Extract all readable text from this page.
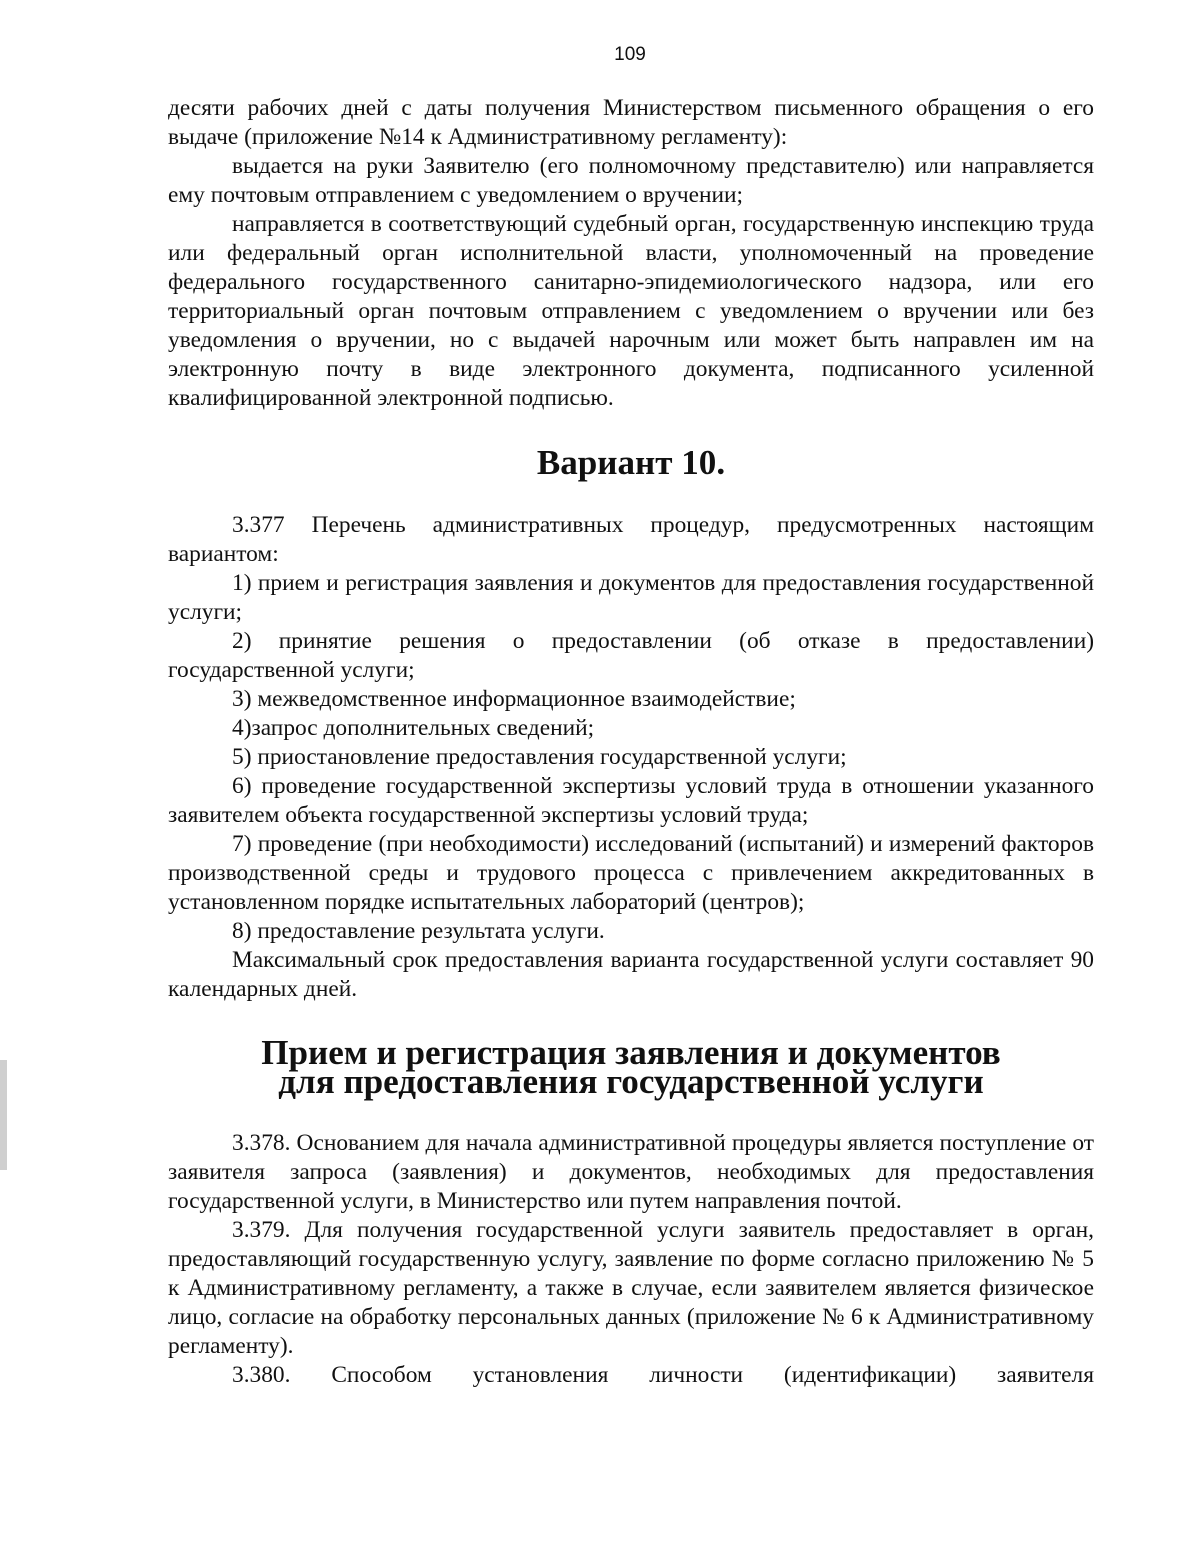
109

десяти рабочих дней с даты получения Министерством письменного обращения о его выдаче (приложение №14 к Административному регламенту):

выдается на руки Заявителю (его полномочному представителю) или направляется ему почтовым отправлением с уведомлением о вручении;

направляется в соответствующий судебный орган, государственную инспекцию труда или федеральный орган исполнительной власти, уполномоченный на проведение федерального государственного санитарно-эпидемиологического надзора, или его территориальный орган почтовым отправлением с уведомлением о вручении или без уведомления о вручении, но с выдачей нарочным или может быть направлен им на электронную почту в виде электронного документа, подписанного усиленной квалифицированной электронной подписью.

Вариант 10.

3.377 Перечень административных процедур, предусмотренных настоящим вариантом:

1) прием и регистрация заявления и документов для предоставления государственной услуги;

2) принятие решения о предоставлении (об отказе в предоставлении) государственной услуги;

3) межведомственное информационное взаимодействие;

4)запрос дополнительных сведений;

5) приостановление предоставления государственной услуги;

6) проведение государственной экспертизы условий труда в отношении указанного заявителем объекта государственной экспертизы условий труда;

7) проведение (при необходимости) исследований (испытаний) и измерений факторов производственной среды и трудового процесса с привлечением аккредитованных в установленном порядке испытательных лабораторий (центров);

8) предоставление результата услуги.

Максимальный срок предоставления варианта государственной услуги составляет 90 календарных дней.

Прием и регистрация заявления и документов
для предоставления государственной услуги

3.378. Основанием для начала административной процедуры является поступление от заявителя запроса (заявления) и документов, необходимых для предоставления государственной услуги, в Министерство или путем направления почтой.

3.379. Для получения государственной услуги заявитель предоставляет в орган, предоставляющий государственную услугу, заявление по форме согласно приложению № 5 к Административному регламенту, а также в случае, если заявителем является физическое лицо, согласие на обработку персональных данных (приложение № 6 к Административному регламенту).

3.380. Способом установления личности (идентификации) заявителя
